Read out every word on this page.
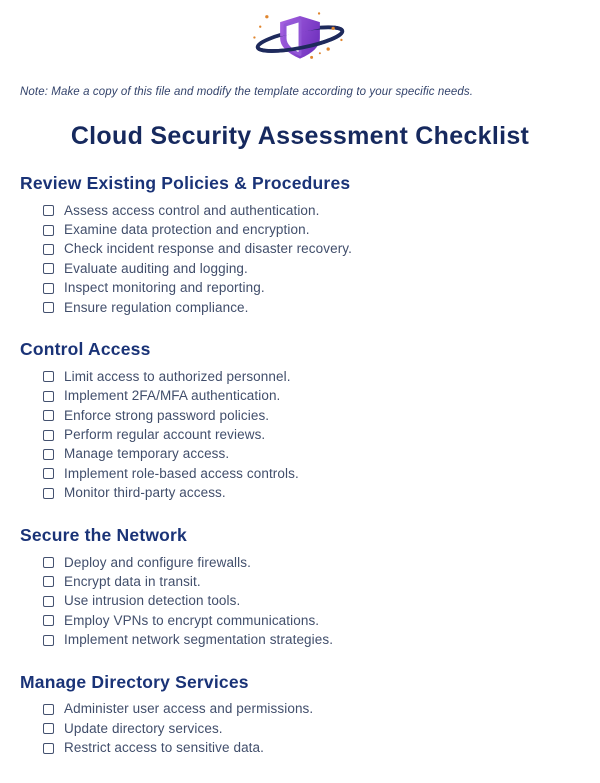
Note: Make a copy of this file and modify the template according to your specific needs.
Cloud Security Assessment Checklist
Review Existing Policies & Procedures
Assess access control and authentication.
Examine data protection and encryption.
Check incident response and disaster recovery.
Evaluate auditing and logging.
Inspect monitoring and reporting.
Ensure regulation compliance.
Control Access
Limit access to authorized personnel.
Implement 2FA/MFA authentication.
Enforce strong password policies.
Perform regular account reviews.
Manage temporary access.
Implement role-based access controls.
Monitor third-party access.
Secure the Network
Deploy and configure firewalls.
Encrypt data in transit.
Use intrusion detection tools.
Employ VPNs to encrypt communications.
Implement network segmentation strategies.
Manage Directory Services
Administer user access and permissions.
Update directory services.
Restrict access to sensitive data.
